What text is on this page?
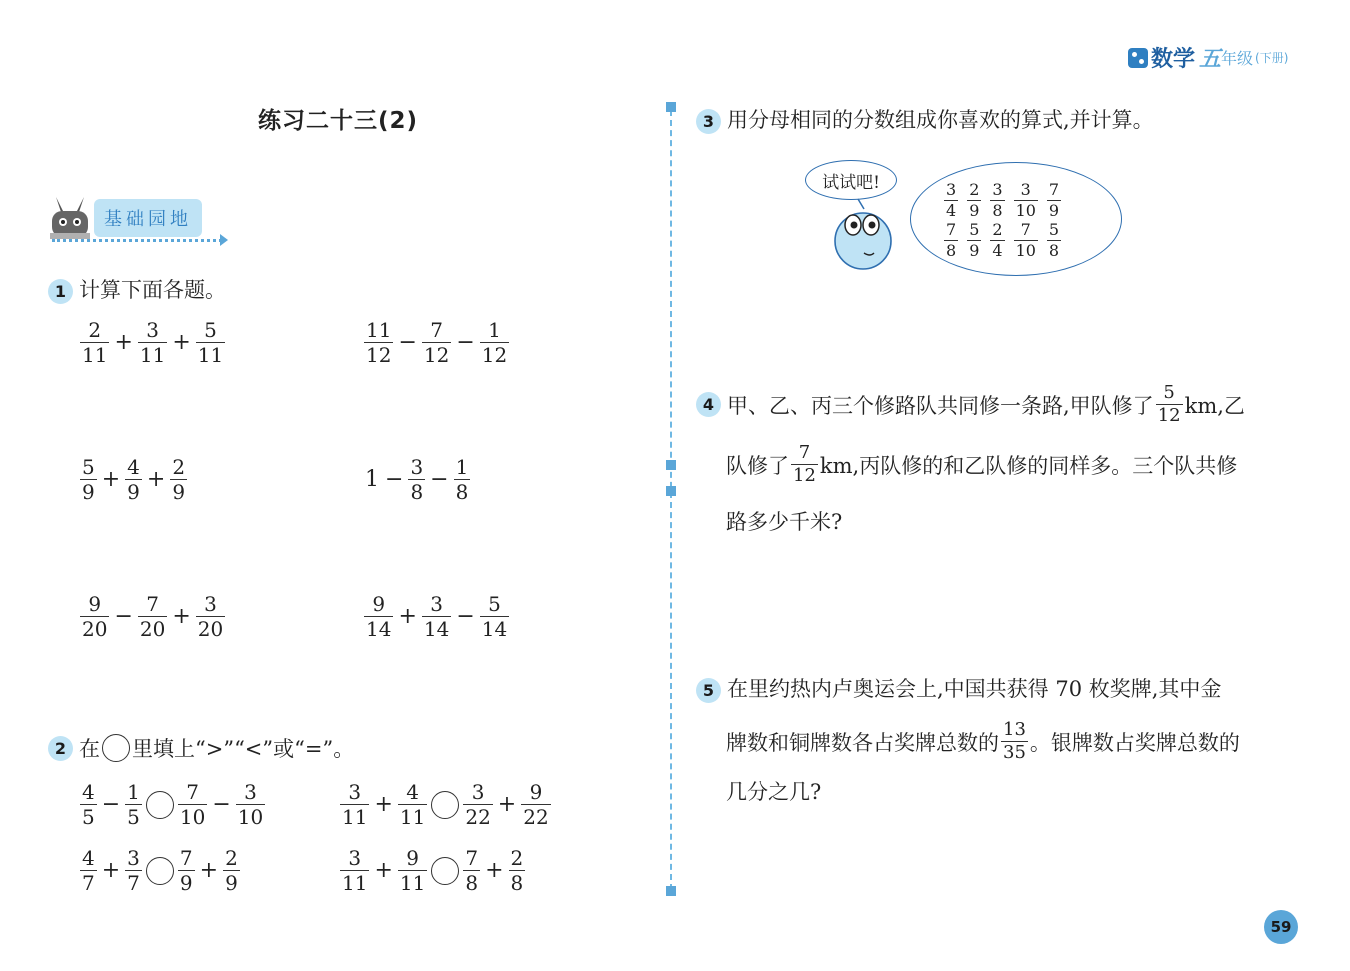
数学 五 年级 (下册)
练习二十三(2)
基础园地
1 计算下面各题。
$\frac{2}{11} + \frac{3}{11} + \frac{5}{11}$	$\frac{11}{12} - \frac{7}{12} - \frac{1}{12}$
$\frac{5}{9} + \frac{4}{9} + \frac{2}{9}$	$1 - \frac{3}{8} - \frac{1}{8}$
$\frac{9}{20} - \frac{7}{20} + \frac{3}{20}$	$\frac{9}{14} + \frac{3}{14} - \frac{5}{14}$
2 在 里填上“>”“<”或“=”。
$\frac{4}{5} - \frac{1}{5} \frac{7}{10} - \frac{3}{10}$	$\frac{3}{11} + \frac{4}{11} \frac{3}{22} + \frac{9}{22}$
$\frac{4}{7} + \frac{3}{7} \frac{7}{9} + \frac{2}{9}$	$\frac{3}{11} + \frac{9}{11} \frac{7}{8} + \frac{2}{8}$
3 用分母相同的分数组成你喜欢的算式,并计算。
试试吧!	$\frac{3}{4} \frac{2}{9} \frac{3}{8} \frac{3}{10} \frac{7}{9}$
$\frac{7}{8} \frac{5}{9} \frac{2}{4} \frac{7}{10} \frac{5}{8}$
4 甲、乙、丙三个修路队共同修一条路,甲队修了 $\frac{5}{12}$ km,乙
队修了 $\frac{7}{12}$ km,丙队修的和乙队修的同样多。三个队共修
路多少千米?
5 在里约热内卢奥运会上,中国共获得 70 枚奖牌,其中金
牌数和铜牌数各占奖牌总数的 $\frac{13}{35}$ 。银牌数占奖牌总数的
几分之几?
59
